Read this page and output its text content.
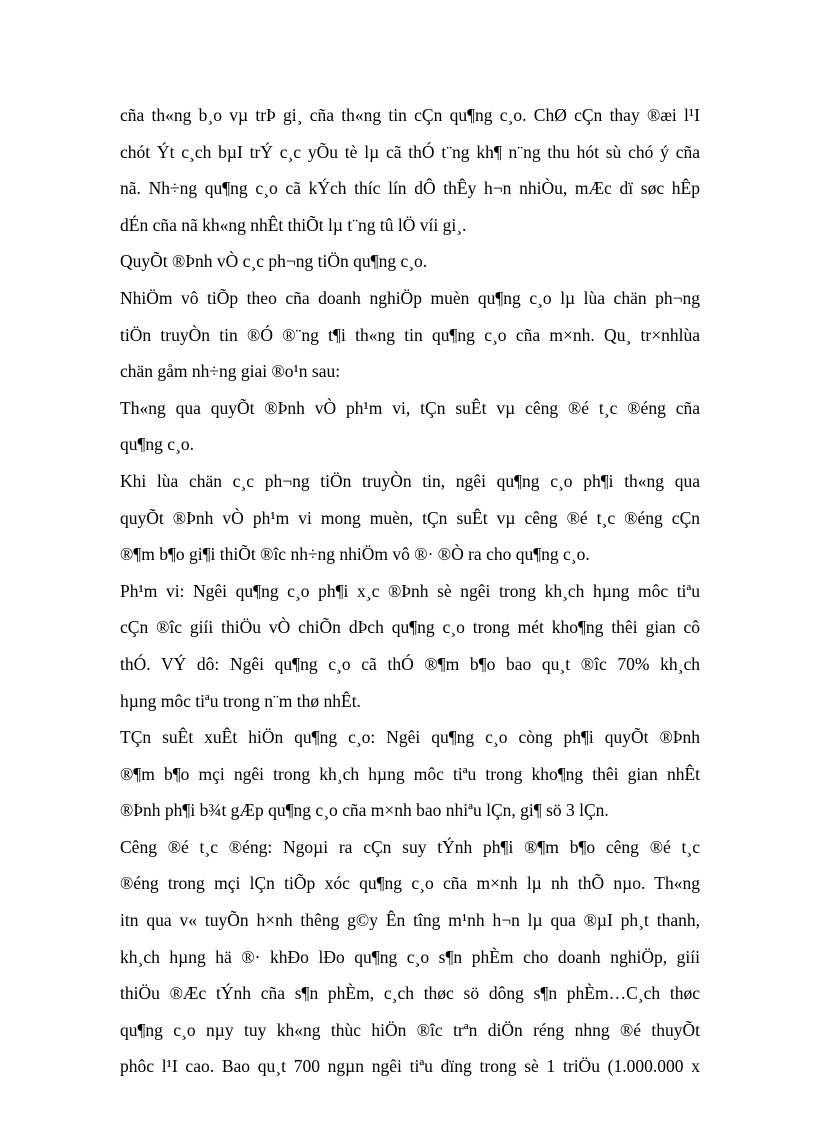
cña th«ng b¸o vµ trÞ gi¸ cña th«ng tin cÇn qu¶ng c¸o. ChØ cÇn thay ®æi l¹I
chót Ýt c¸ch bµI trÝ c¸c yÕu tè lµ cã thÓ t¨ng kh¶ n¨ng thu hót sù chó ý cña
nã. Nh÷ng qu¶ng c¸o cã kÝch thíc lín dÔ thÊy h¬n nhiÒu, mÆc dï søc hÊp
dÉn cña nã kh«ng nhÊt thiÕt lµ t¨ng tû lÖ víi gi¸.
QuyÕt ®Þnh vÒ c¸c ph¬ng tiÖn qu¶ng c¸o.
NhiÖm vô tiÕp theo cña doanh nghiÖp muèn qu¶ng c¸o lµ lùa chän ph¬ng
tiÖn truyÒn tin ®Ó ®¨ng t¶i th«ng tin qu¶ng c¸o cña m×nh. Qu¸ tr×nhlùa
chän gåm nh÷ng giai ®o¹n sau:
Th«ng qua quyÕt ®Þnh vÒ ph¹m vi, tÇn suÊt vµ cêng ®é t¸c ®éng cña
qu¶ng c¸o.
Khi lùa chän c¸c ph¬ng tiÖn truyÒn tin, ngêi qu¶ng c¸o ph¶i th«ng qua
quyÕt ®Þnh vÒ ph¹m vi mong muèn, tÇn suÊt vµ cêng ®é t¸c ®éng cÇn
®¶m b¶o gi¶i thiÕt ®îc nh÷ng nhiÖm vô ®· ®Ò ra cho qu¶ng c¸o.
Ph¹m vi: Ngêi qu¶ng c¸o ph¶i x¸c ®Þnh sè ngêi trong kh¸ch hµng môc tiªu
cÇn ®îc giíi thiÖu vÒ chiÕn dÞch qu¶ng c¸o trong mét kho¶ng thêi gian cô
thÓ. VÝ dô: Ngêi qu¶ng c¸o cã thÓ ®¶m b¶o bao qu¸t ®îc 70% kh¸ch
hµng môc tiªu trong n¨m thø nhÊt.
TÇn suÊt xuÊt hiÖn qu¶ng c¸o: Ngêi qu¶ng c¸o còng ph¶i quyÕt ®Þnh
®¶m b¶o mçi ngêi trong kh¸ch hµng môc tiªu trong kho¶ng thêi gian nhÊt
®Þnh ph¶i b¾t gÆp qu¶ng c¸o cña m×nh bao nhiªu lÇn, gi¶ sö 3 lÇn.
Cêng ®é t¸c ®éng: Ngoµi ra cÇn suy tÝnh ph¶i ®¶m b¶o cêng ®é t¸c
®éng trong mçi lÇn tiÕp xóc qu¶ng c¸o cña m×nh lµ nh thÕ nµo. Th«ng
itn qua v« tuyÕn h×nh thêng g©y Ên tîng m¹nh h¬n lµ qua ®µI ph¸t thanh,
kh¸ch hµng hä ®· khÐo lÐo qu¶ng c¸o s¶n phÈm cho doanh nghiÖp, giíi
thiÖu ®Æc tÝnh cña s¶n phÈm, c¸ch thøc sö dông s¶n phÈm…C¸ch thøc
qu¶ng c¸o nµy tuy kh«ng thùc hiÖn ®îc trªn diÖn réng nhng ®é thuyÕt
phôc l¹I cao. Bao qu¸t 700 ngµn ngêi tiªu dïng trong sè 1 triÖu (1.000.000 x
